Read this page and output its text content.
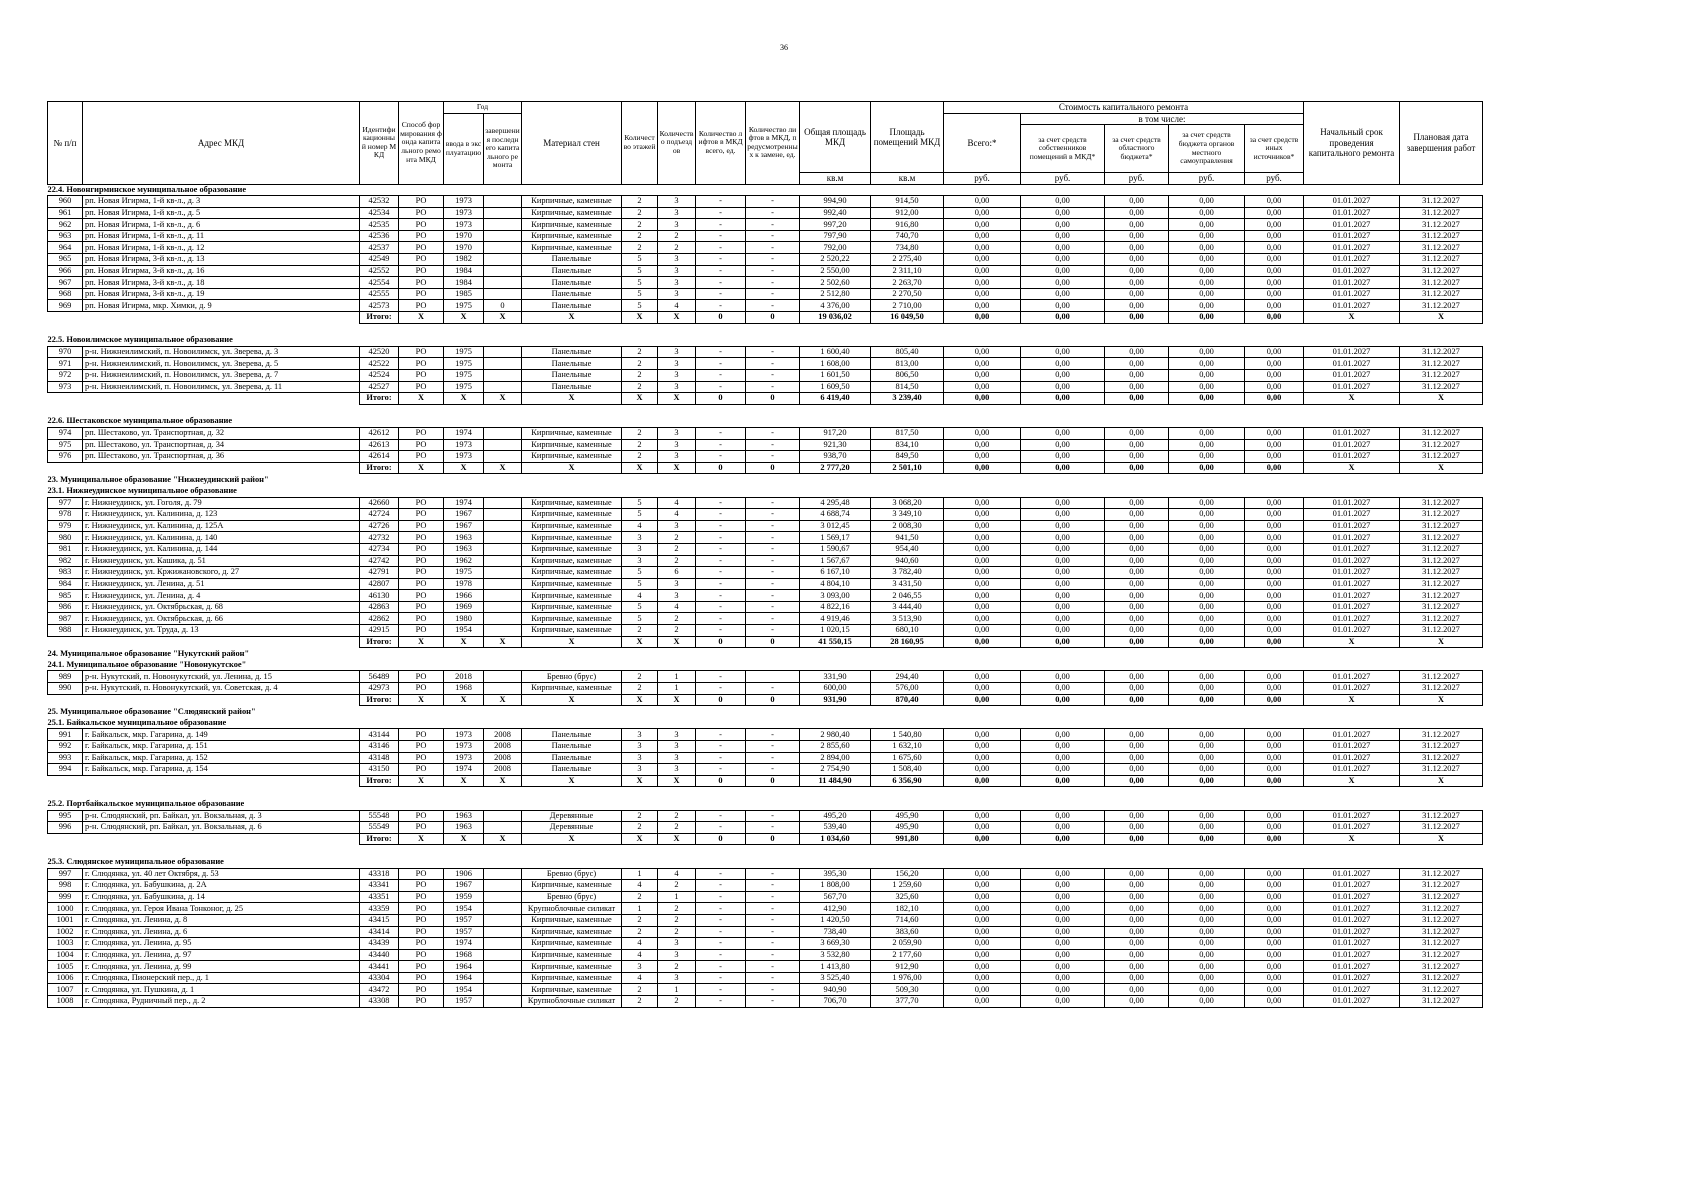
36
№ п/п	Адрес МКД	Идентификационный номер МКД	Способ формирования фонда капитального ремонта МКД	Год		Материал стен	Количество этажей	Количество подъездов	Количество лифтов в МКД всего, ед.	Количество лифтов в МКД, предусмотренных к замене, ед.	Общая площадь МКД	Площадь помещений МКД	Стоимость капитального ремонта					Начальный срок проведения капитального ремонта	Плановая дата завершения работ
				ввода в эксплуатацию	завершения последнего капитального ремонта								Всего:*	в том числе:					
														за счет средств собственников помещений в МКД*	за счет средств областного бюджета*	за счет средств бюджета органов местного самоуправления	за счет средств иных источников*		
											кв.м	кв.м	руб.	руб.	руб.	руб.	руб.		
22.4. Новонгирминское муниципальное образование																			
960	рп. Новая Игирма, 1-й кв-л., д. 3	42532	РО	1973		Кирпичные, каменные	2	3	-	-	994,90	914,50	0,00	0,00	0,00	0,00	0,00	01.01.2027	31.12.2027
961	рп. Новая Игирма, 1-й кв-л., д. 5	42534	РО	1973		Кирпичные, каменные	2	3	-	-	992,40	912,00	0,00	0,00	0,00	0,00	0,00	01.01.2027	31.12.2027
962	рп. Новая Игирма, 1-й кв-л., д. 6	42535	РО	1973		Кирпичные, каменные	2	3	-	-	997,20	916,80	0,00	0,00	0,00	0,00	0,00	01.01.2027	31.12.2027
963	рп. Новая Игирма, 1-й кв-л., д. 11	42536	РО	1970		Кирпичные, каменные	2	2	-	-	797,90	740,70	0,00	0,00	0,00	0,00	0,00	01.01.2027	31.12.2027
964	рп. Новая Игирма, 1-й кв-л., д. 12	42537	РО	1970		Кирпичные, каменные	2	2	-	-	792,00	734,80	0,00	0,00	0,00	0,00	0,00	01.01.2027	31.12.2027
965	рп. Новая Игирма, 3-й кв-л., д. 13	42549	РО	1982		Панельные	5	3	-	-	2 520,22	2 275,40	0,00	0,00	0,00	0,00	0,00	01.01.2027	31.12.2027
966	рп. Новая Игирма, 3-й кв-л., д. 16	42552	РО	1984		Панельные	5	3	-	-	2 550,00	2 311,10	0,00	0,00	0,00	0,00	0,00	01.01.2027	31.12.2027
967	рп. Новая Игирма, 3-й кв-л., д. 18	42554	РО	1984		Панельные	5	3	-	-	2 502,60	2 263,70	0,00	0,00	0,00	0,00	0,00	01.01.2027	31.12.2027
968	рп. Новая Игирма, 3-й кв-л., д. 19	42555	РО	1985		Панельные	5	3	-	-	2 512,80	2 270,50	0,00	0,00	0,00	0,00	0,00	01.01.2027	31.12.2027
969	рп. Новая Игирма, мкр. Химки, д. 9	42573	РО	1975	0	Панельные	5	4	-	-	4 376,00	2 710,00	0,00	0,00	0,00	0,00	0,00	01.01.2027	31.12.2027
		Итого:	X	X	X	X	X	X	0	0	19 036,02	16 049,50	0,00	0,00	0,00	0,00	0,00	X	X

22.5. Новоилимское муниципальное образование																			
970	р-н. Нижнеилимский, п. Новоилимск, ул. Зверева, д. 3	42520	РО	1975		Панельные	2	3	-	-	1 600,40	805,40	0,00	0,00	0,00	0,00	0,00	01.01.2027	31.12.2027
971	р-н. Нижнеилимский, п. Новоилимск, ул. Зверева, д. 5	42522	РО	1975		Панельные	2	3	-	-	1 608,00	813,00	0,00	0,00	0,00	0,00	0,00	01.01.2027	31.12.2027
972	р-н. Нижнеилимский, п. Новоилимск, ул. Зверева, д. 7	42524	РО	1975		Панельные	2	3	-	-	1 601,50	806,50	0,00	0,00	0,00	0,00	0,00	01.01.2027	31.12.2027
973	р-н. Нижнеилимский, п. Новоилимск, ул. Зверева, д. 11	42527	РО	1975		Панельные	2	3	-	-	1 609,50	814,50	0,00	0,00	0,00	0,00	0,00	01.01.2027	31.12.2027
		Итого:	X	X	X	X	X	X	0	0	6 419,40	3 239,40	0,00	0,00	0,00	0,00	0,00	X	X

22.6. Шестаковское муниципальное образование																			
974	рп. Шестаково, ул. Транспортная, д. 32	42612	РО	1974		Кирпичные, каменные	2	3	-	-	917,20	817,50	0,00	0,00	0,00	0,00	0,00	01.01.2027	31.12.2027
975	рп. Шестаково, ул. Транспортная, д. 34	42613	РО	1973		Кирпичные, каменные	2	3	-	-	921,30	834,10	0,00	0,00	0,00	0,00	0,00	01.01.2027	31.12.2027
976	рп. Шестаково, ул. Транспортная, д. 36	42614	РО	1973		Кирпичные, каменные	2	3	-	-	938,70	849,50	0,00	0,00	0,00	0,00	0,00	01.01.2027	31.12.2027
		Итого:	X	X	X	X	X	X	0	0	2 777,20	2 501,10	0,00	0,00	0,00	0,00	0,00	X	X
23. Муниципальное образование "Нижнеудинский район"																			
23.1. Нижнеудинское муниципальное образование																			
977	г. Нижнеудинск, ул. Гоголя, д. 79	42660	РО	1974		Кирпичные, каменные	5	4	-	-	4 295,48	3 068,20	0,00	0,00	0,00	0,00	0,00	01.01.2027	31.12.2027
978	г. Нижнеудинск, ул. Калинина, д. 123	42724	РО	1967		Кирпичные, каменные	5	4	-	-	4 688,74	3 349,10	0,00	0,00	0,00	0,00	0,00	01.01.2027	31.12.2027
979	г. Нижнеудинск, ул. Калинина, д. 125А	42726	РО	1967		Кирпичные, каменные	4	3	-	-	3 012,45	2 008,30	0,00	0,00	0,00	0,00	0,00	01.01.2027	31.12.2027
980	г. Нижнеудинск, ул. Калинина, д. 140	42732	РО	1963		Кирпичные, каменные	3	2	-	-	1 569,17	941,50	0,00	0,00	0,00	0,00	0,00	01.01.2027	31.12.2027
981	г. Нижнеудинск, ул. Калинина, д. 144	42734	РО	1963		Кирпичные, каменные	3	2	-	-	1 590,67	954,40	0,00	0,00	0,00	0,00	0,00	01.01.2027	31.12.2027
982	г. Нижнеудинск, ул. Кашика, д. 51	42742	РО	1962		Кирпичные, каменные	3	2	-	-	1 567,67	940,60	0,00	0,00	0,00	0,00	0,00	01.01.2027	31.12.2027
983	г. Нижнеудинск, ул. Кржижановского, д. 27	42791	РО	1975		Кирпичные, каменные	5	6	-	-	6 167,10	3 782,40	0,00	0,00	0,00	0,00	0,00	01.01.2027	31.12.2027
984	г. Нижнеудинск, ул. Ленина, д. 51	42807	РО	1978		Кирпичные, каменные	5	3	-	-	4 804,10	3 431,50	0,00	0,00	0,00	0,00	0,00	01.01.2027	31.12.2027
985	г. Нижнеудинск, ул. Ленина, д. 4	46130	РО	1966		Кирпичные, каменные	4	3	-	-	3 093,00	2 046,55	0,00	0,00	0,00	0,00	0,00	01.01.2027	31.12.2027
986	г. Нижнеудинск, ул. Октябрьская, д. 68	42863	РО	1969		Кирпичные, каменные	5	4	-	-	4 822,16	3 444,40	0,00	0,00	0,00	0,00	0,00	01.01.2027	31.12.2027
987	г. Нижнеудинск, ул. Октябрьская, д. 66	42862	РО	1980		Кирпичные, каменные	5	2	-	-	4 919,46	3 513,90	0,00	0,00	0,00	0,00	0,00	01.01.2027	31.12.2027
988	г. Нижнеудинск, ул. Труда, д. 13	42915	РО	1954		Кирпичные, каменные	2	2	-	-	1 020,15	680,10	0,00	0,00	0,00	0,00	0,00	01.01.2027	31.12.2027
		Итого:	X	X	X	X	X	X	0	0	41 550,15	28 160,95	0,00	0,00	0,00	0,00	0,00	X	X
24. Муниципальное образование "Нукутский район"																			
24.1. Муниципальное образование "Новонукутское"																			
989	р-н. Нукутский, п. Новонукутский, ул. Ленина, д. 15	56489	РО	2018		Бревно (брус)	2	1	-		331,90	294,40	0,00	0,00	0,00	0,00	0,00	01.01.2027	31.12.2027
990	р-н. Нукутский, п. Новонукутский, ул. Советская, д. 4	42973	РО	1968		Кирпичные, каменные	2	1	-	-	600,00	576,00	0,00	0,00	0,00	0,00	0,00	01.01.2027	31.12.2027
		Итого:	X	X	X	X	X	X	0	0	931,90	870,40	0,00	0,00	0,00	0,00	0,00	X	X
25. Муниципальное образование "Слюдянский район"																			
25.1. Байкальское муниципальное образование																			
991	г. Байкальск, мкр. Гагарина, д. 149	43144	РО	1973	2008	Панельные	3	3	-	-	2 980,40	1 540,80	0,00	0,00	0,00	0,00	0,00	01.01.2027	31.12.2027
992	г. Байкальск, мкр. Гагарина, д. 151	43146	РО	1973	2008	Панельные	3	3	-	-	2 855,60	1 632,10	0,00	0,00	0,00	0,00	0,00	01.01.2027	31.12.2027
993	г. Байкальск, мкр. Гагарина, д. 152	43148	РО	1973	2008	Панельные	3	3	-	-	2 894,00	1 675,60	0,00	0,00	0,00	0,00	0,00	01.01.2027	31.12.2027
994	г. Байкальск, мкр. Гагарина, д. 154	43150	РО	1974	2008	Панельные	3	3	-	-	2 754,90	1 508,40	0,00	0,00	0,00	0,00	0,00	01.01.2027	31.12.2027
		Итого:	X	X	X	X	X	X	0	0	11 484,90	6 356,90	0,00	0,00	0,00	0,00	0,00	X	X

25.2. Портбайкальское муниципальное образование																			
995	р-н. Слюдянский, рп. Байкал, ул. Вокзальная, д. 3	55548	РО	1963		Деревянные	2	2	-	-	495,20	495,90	0,00	0,00	0,00	0,00	0,00	01.01.2027	31.12.2027
996	р-н. Слюдянский, рп. Байкал, ул. Вокзальная, д. 6	55549	РО	1963		Деревянные	2	2	-	-	539,40	495,90	0,00	0,00	0,00	0,00	0,00	01.01.2027	31.12.2027
		Итого:	X	X	X	X	X	X	0	0	1 034,60	991,80	0,00	0,00	0,00	0,00	0,00	X	X

25.3. Слюдянское муниципальное образование																			
997	г. Слюдянка, ул. 40 лет Октября, д. 53	43318	РО	1906		Бревно (брус)	1	4	-	-	395,30	156,20	0,00	0,00	0,00	0,00	0,00	01.01.2027	31.12.2027
998	г. Слюдянка, ул. Бабушкина, д. 2А	43341	РО	1967		Кирпичные, каменные	4	2	-	-	1 808,00	1 259,60	0,00	0,00	0,00	0,00	0,00	01.01.2027	31.12.2027
999	г. Слюдянка, ул. Бабушкина, д. 14	43351	РО	1959		Бревно (брус)	2	1	-	-	567,70	325,60	0,00	0,00	0,00	0,00	0,00	01.01.2027	31.12.2027
1000	г. Слюдянка, ул. Героя Ивана Тонконог, д. 25	43359	РО	1954		Крупноблочные силикат	1	2	-	-	412,90	182,10	0,00	0,00	0,00	0,00	0,00	01.01.2027	31.12.2027
1001	г. Слюдянка, ул. Ленина, д. 8	43415	РО	1957		Кирпичные, каменные	2	2	-	-	1 420,50	714,60	0,00	0,00	0,00	0,00	0,00	01.01.2027	31.12.2027
1002	г. Слюдянка, ул. Ленина, д. 6	43414	РО	1957		Кирпичные, каменные	2	2	-	-	738,40	383,60	0,00	0,00	0,00	0,00	0,00	01.01.2027	31.12.2027
1003	г. Слюдянка, ул. Ленина, д. 95	43439	РО	1974		Кирпичные, каменные	4	3	-	-	3 669,30	2 059,90	0,00	0,00	0,00	0,00	0,00	01.01.2027	31.12.2027
1004	г. Слюдянка, ул. Ленина, д. 97	43440	РО	1968		Кирпичные, каменные	4	3	-	-	3 532,80	2 177,60	0,00	0,00	0,00	0,00	0,00	01.01.2027	31.12.2027
1005	г. Слюдянка, ул. Ленина, д. 99	43441	РО	1964		Кирпичные, каменные	3	2	-	-	1 413,80	912,90	0,00	0,00	0,00	0,00	0,00	01.01.2027	31.12.2027
1006	г. Слюдянка, Пионерский пер., д. 1	43304	РО	1964		Кирпичные, каменные	4	3	-	-	3 525,40	1 976,00	0,00	0,00	0,00	0,00	0,00	01.01.2027	31.12.2027
1007	г. Слюдянка, ул. Пушкина, д. 1	43472	РО	1954		Кирпичные, каменные	2	1	-	-	940,90	509,30	0,00	0,00	0,00	0,00	0,00	01.01.2027	31.12.2027
1008	г. Слюдянка, Рудничный пер., д. 2	43308	РО	1957		Крупноблочные силикат	2	2	-	-	706,70	377,70	0,00	0,00	0,00	0,00	0,00	01.01.2027	31.12.2027
